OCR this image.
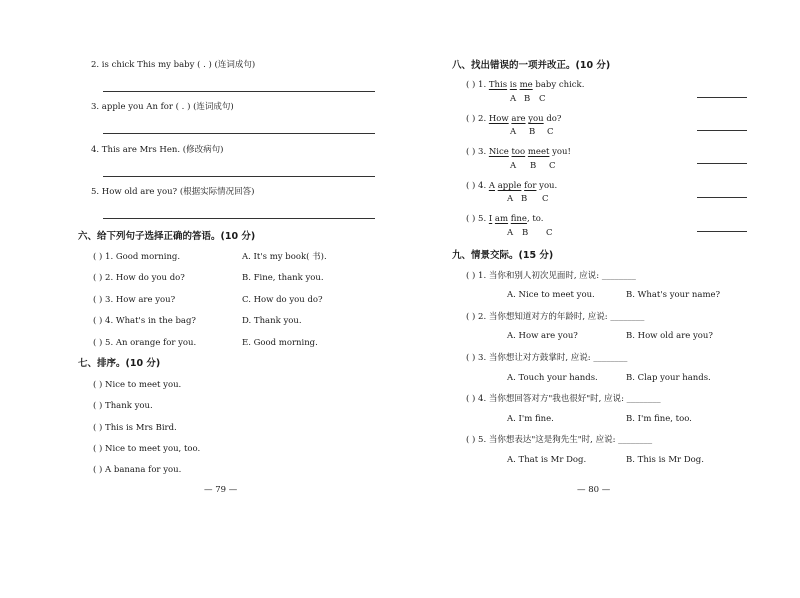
2. is chick This my baby ( . ) (连词成句)
3. apple you An for ( . ) (连词成句)
4. This are Mrs Hen. (修改病句)
5. How old are you? (根据实际情况回答)
六、给下列句子选择正确的答语。(10 分)
( ) 1. Good morning.	A. It's my book( 书).
( ) 2. How do you do?	B. Fine, thank you.
( ) 3. How are you?	C. How do you do?
( ) 4. What's in the bag?	D. Thank you.
( ) 5. An orange for you.	E. Good morning.
七、排序。(10 分)
( ) Nice to meet you.
( ) Thank you.
( ) This is Mrs Bird.
( ) Nice to meet you, too.
( ) A banana for you.
— 79 —
八、找出错误的一项并改正。(10 分)
( ) 1. This is me baby chick.
A B C
( ) 2. How are you do?
A B C
( ) 3. Nice too meet you!
A B C
( ) 4. A apple for you.
A B C
( ) 5. I am fine, to.
A B C
九、情景交际。(15 分)
( ) 1. 当你和别人初次见面时, 应说: ________
A. Nice to meet you.	B. What's your name?
( ) 2. 当你想知道对方的年龄时, 应说: ________
A. How are you?	B. How old are you?
( ) 3. 当你想让对方鼓掌时, 应说: ________
A. Touch your hands.	B. Clap your hands.
( ) 4. 当你想回答对方"我也很好"时, 应说: ________
A. I'm fine.	B. I'm fine, too.
( ) 5. 当你想表达"这是狗先生"时, 应说: ________
A. That is Mr Dog.	B. This is Mr Dog.
— 80 —
